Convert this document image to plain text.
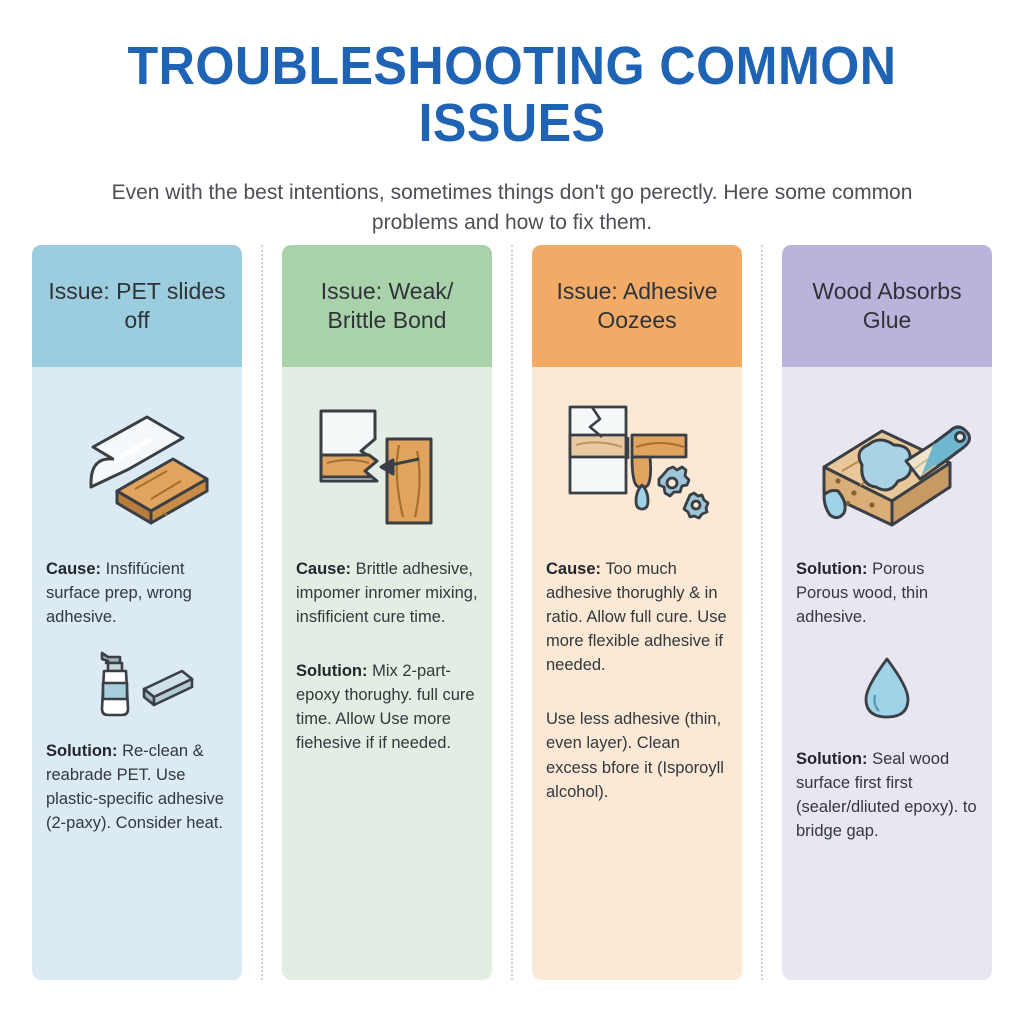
TROUBLESHOOTING COMMON ISSUES
Even with the best intentions, sometimes things don't go perectly. Here some common problems and how to fix them.
Issue: PET slides off
Cause: Insfifúcient surface prep, wrong adhesive.
Solution: Re-clean & reabrade PET. Use plastic-specific adhesive (2-paxy). Consider heat.
Issue: Weak/ Brittle Bond
Cause: Brittle adhesive, impomer inromer mixing, insfificient cure time.
Solution: Mix 2-part-epoxy thorughy. full cure time. Allow Use more fiehesive if if needed.
Issue: Adhesive Oozees
Cause: Too much adhesive thorughly & in ratio. Allow full cure. Use more flexible adhesive if needed.
Use less adhesive (thin, even layer). Clean excess bfore it (Isporoyll alcohol).
Wood Absorbs Glue
Solution: Porous Porous wood, thin adhesive.
Solution: Seal wood surface first first (sealer/dliuted epoxy). to bridge gap.
